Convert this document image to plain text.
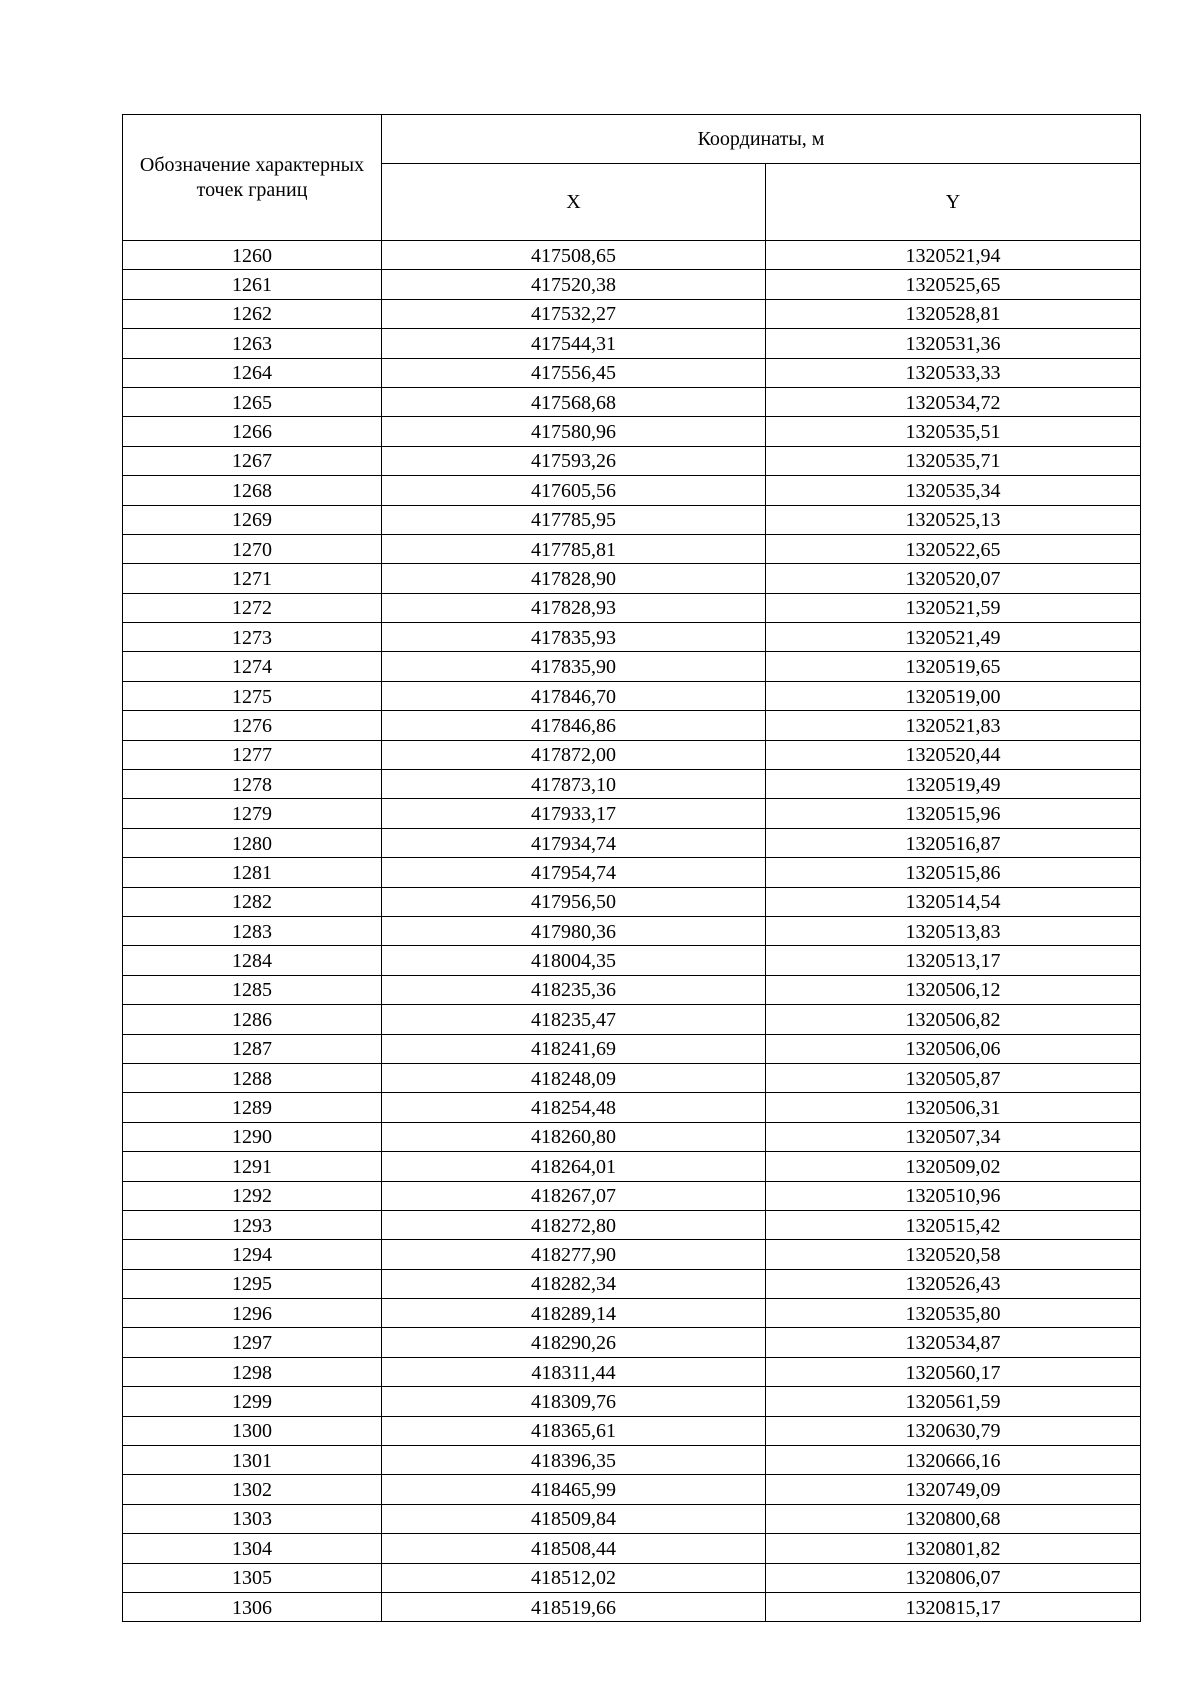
Обозначение характерных точек границ	Координаты, м	
	X	Y
1260	417508,65	1320521,94
1261	417520,38	1320525,65
1262	417532,27	1320528,81
1263	417544,31	1320531,36
1264	417556,45	1320533,33
1265	417568,68	1320534,72
1266	417580,96	1320535,51
1267	417593,26	1320535,71
1268	417605,56	1320535,34
1269	417785,95	1320525,13
1270	417785,81	1320522,65
1271	417828,90	1320520,07
1272	417828,93	1320521,59
1273	417835,93	1320521,49
1274	417835,90	1320519,65
1275	417846,70	1320519,00
1276	417846,86	1320521,83
1277	417872,00	1320520,44
1278	417873,10	1320519,49
1279	417933,17	1320515,96
1280	417934,74	1320516,87
1281	417954,74	1320515,86
1282	417956,50	1320514,54
1283	417980,36	1320513,83
1284	418004,35	1320513,17
1285	418235,36	1320506,12
1286	418235,47	1320506,82
1287	418241,69	1320506,06
1288	418248,09	1320505,87
1289	418254,48	1320506,31
1290	418260,80	1320507,34
1291	418264,01	1320509,02
1292	418267,07	1320510,96
1293	418272,80	1320515,42
1294	418277,90	1320520,58
1295	418282,34	1320526,43
1296	418289,14	1320535,80
1297	418290,26	1320534,87
1298	418311,44	1320560,17
1299	418309,76	1320561,59
1300	418365,61	1320630,79
1301	418396,35	1320666,16
1302	418465,99	1320749,09
1303	418509,84	1320800,68
1304	418508,44	1320801,82
1305	418512,02	1320806,07
1306	418519,66	1320815,17
